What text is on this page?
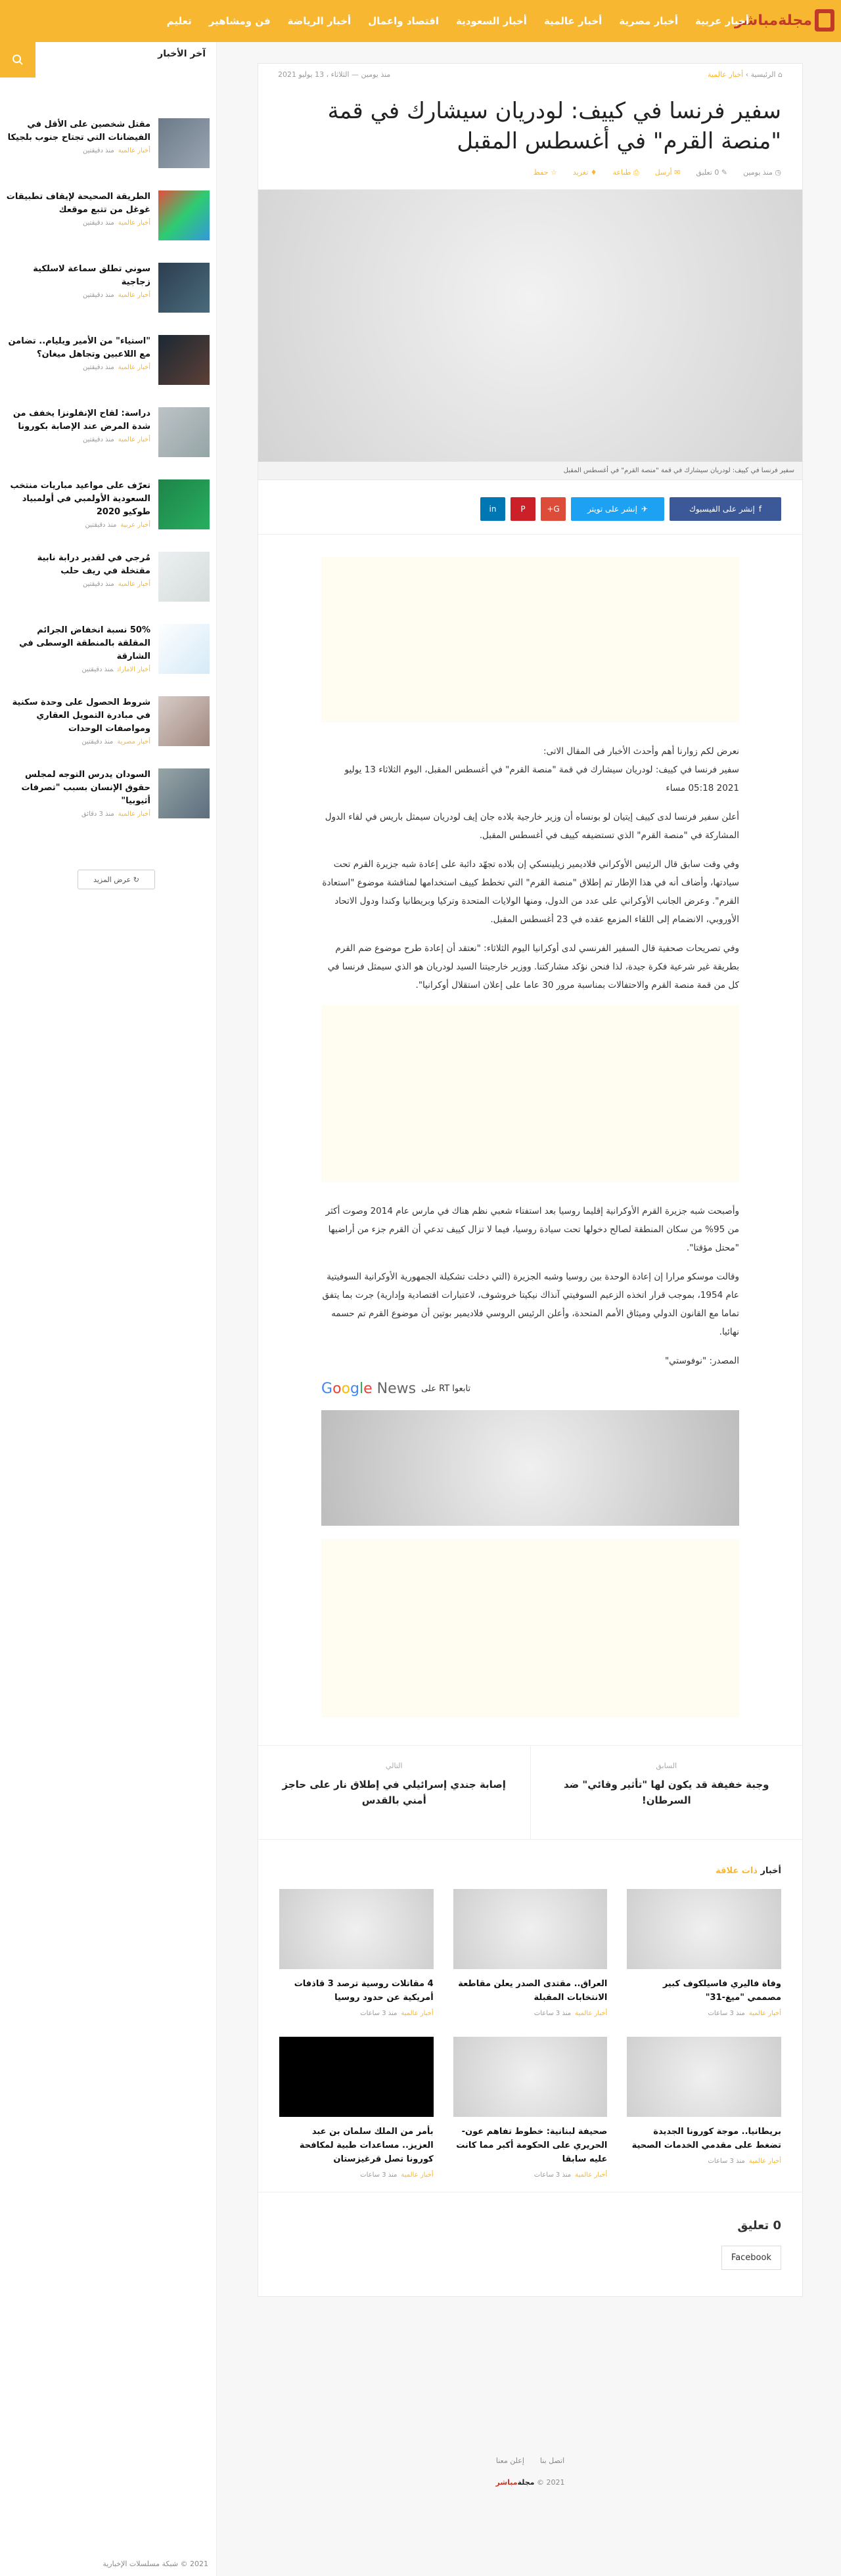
مجلةمباشر
أخبار عربية
أخبار مصرية
أخبار عالمية
أخبار السعودية
اقتصاد واعمال
أخبار الرياضة
فن ومشاهير
تعليم
آخر الأخبار
مقتل شخصين على الأقل في الفيضانات التي تجتاح جنوب بلجيكا
أخبار عالميةمنذ دقيقتين
الطريقة الصحيحة لإيقاف تطبيقات غوغل من تتبع موقعك
أخبار عالميةمنذ دقيقتين
سوني تطلق سماعة لاسلكية زجاجية
أخبار عالميةمنذ دقيقتين
"استياء" من الأمير ويليام.. تضامن مع اللاعبين وتجاهل ميغان؟
أخبار عالميةمنذ دقيقتين
دراسة: لقاح الإنفلونزا يخفف من شدة المرض عند الإصابة بكورونا
أخبار عالميةمنذ دقيقتين
تعرّف على مواعيد مباريات منتخب السعودية الأولمبي في أولمبياد طوكيو 2020
أخبار عربيةمنذ دقيقتين
مُرجي في لقدير درابة نابية مقتخلة في ريف حلب
أخبار عالميةمنذ دقيقتين
50% نسبة انخفاض الجرائم المقلقة بالمنطقة الوسطى في الشارقة
أخبار الاماراتمنذ دقيقتين
شروط الحصول على وحدة سكنية في مبادرة التمويل العقاري ومواصفات الوحدات
أخبار مصريةمنذ دقيقتين
السودان يدرس التوجه لمجلس حقوق الإنسان بسبب "تصرفات أثيوبيا"
أخبار عالميةمنذ 3 دقائق
↻
عرض المزيد
2021 © شبكة مسلسلات الإخبارية
⌂ الرئيسية › أخبار عالمية
منذ يومين — الثلاثاء ، 13 يوليو 2021
سفير فرنسا في كييف: لودريان سيشارك في قمة "منصة القرم" في أغسطس المقبل
◷ منذ يومين
✎ 0 تعليق
✉ أرسل
⎙ طباعة
♦ تغريد
☆ حفظ
سفير فرنسا في كييف: لودريان سيشارك في قمة "منصة القرم" في أغسطس المقبل
f
إنشر على الفيسبوك
✈
إنشر على تويتر
G+
P
in

نعرض لكم زوارنا أهم وأحدث الأخبار فى المقال الاتى:
سفير فرنسا في كييف: لودريان سيشارك في قمة "منصة القرم" في أغسطس المقبل، اليوم الثلاثاء 13 يوليو 2021 05:18 مساء

أعلن سفير فرنسا لدى كييف إيتيان لو بونساه أن وزير خارجية بلاده جان إيف لودريان سيمثل باريس في لقاء الدول المشاركة في "منصة القرم" الذي تستضيفه كييف في أغسطس المقبل.

وفي وقت سابق قال الرئيس الأوكراني فلاديمير زيلينسكي إن بلاده تجهّد دائبة على إعادة شبه جزيرة القرم تحت سيادتها، وأضاف أنه في هذا الإطار تم إطلاق "منصة القرم" التي تخطط كييف استخدامها لمناقشة موضوع "استعادة القرم". وعرض الجانب الأوكراني على عدد من الدول، ومنها الولايات المتحدة وتركيا وبريطانيا وكندا ودول الاتحاد الأوروبي، الانضمام إلى اللقاء المزمع عقده في 23 أغسطس المقبل.

وفي تصريحات صحفية قال السفير الفرنسي لدى أوكرانيا اليوم الثلاثاء: "نعتقد أن إعادة طرح موضوع ضم القرم بطريقة غير شرعية فكرة جيدة، لذا فنحن نؤكد مشاركتنا. ووزير خارجيتنا السيد لودريان هو الذي سيمثل فرنسا في كل من قمة منصة القرم والاحتفالات بمناسبة مرور 30 عاما على إعلان استقلال أوكرانيا".

وأصبحت شبه جزيرة القرم الأوكرانية إقليما روسيا بعد استفتاء شعبي نظم هناك في مارس عام 2014 وصوت أكثر من 95% من سكان المنطقة لصالح دخولها تحت سيادة روسيا، فيما لا تزال كييف تدعي أن القرم جزء من أراضيها "محتل مؤقتا".

وقالت موسكو مرارا إن إعادة الوحدة بين روسيا وشبه الجزيرة (التي دخلت تشكيلة الجمهورية الأوكرانية السوفيتية عام 1954، بموجب قرار اتخذه الزعيم السوفيتي آنذاك نيكيتا خروشوف، لاعتبارات اقتصادية وإدارية) جرت بما يتفق تماما مع القانون الدولي وميثاق الأمم المتحدة، وأعلن الرئيس الروسي فلاديمير بوتين أن موضوع القرم تم حسمه نهائيا.

المصدر: "نوفوستي"

تابعوا RT على
Google News
السابق
وجبة خفيفة قد يكون لها "تأثير وقائي" ضد السرطان!
التالي
إصابة جندي إسرائيلي في إطلاق نار على حاجز أمني بالقدس
أخبار ذات علاقة
وفاة فاليري فاسيلكوف كبير مصممي "ميغ-31"
أخبار عالميةمنذ 3 ساعات
العراق.. مقتدى الصدر يعلن مقاطعة الانتخابات المقبلة
أخبار عالميةمنذ 3 ساعات
4 مقاتلات روسية ترصد 3 قاذفات أمريكية عن حدود روسيا
أخبار عالميةمنذ 3 ساعات
بريطانيا.. موجة كورونا الجديدة تضغط على مقدمي الخدمات الصحية
أخبار عالميةمنذ 3 ساعات
صحيفة لبنانية: خطوط تفاهم عون-الحريري على الحكومة أكبر مما كانت عليه سابقا
أخبار عالميةمنذ 3 ساعات
بأمر من الملك سلمان بن عبد العزيز.. مساعدات طبية لمكافحة كورونا تصل قرغيزستان
أخبار عالميةمنذ 3 ساعات
0 تعليق
Facebook
اتصل بنا
إعلن معنا
2021 © مجلةمباشر
